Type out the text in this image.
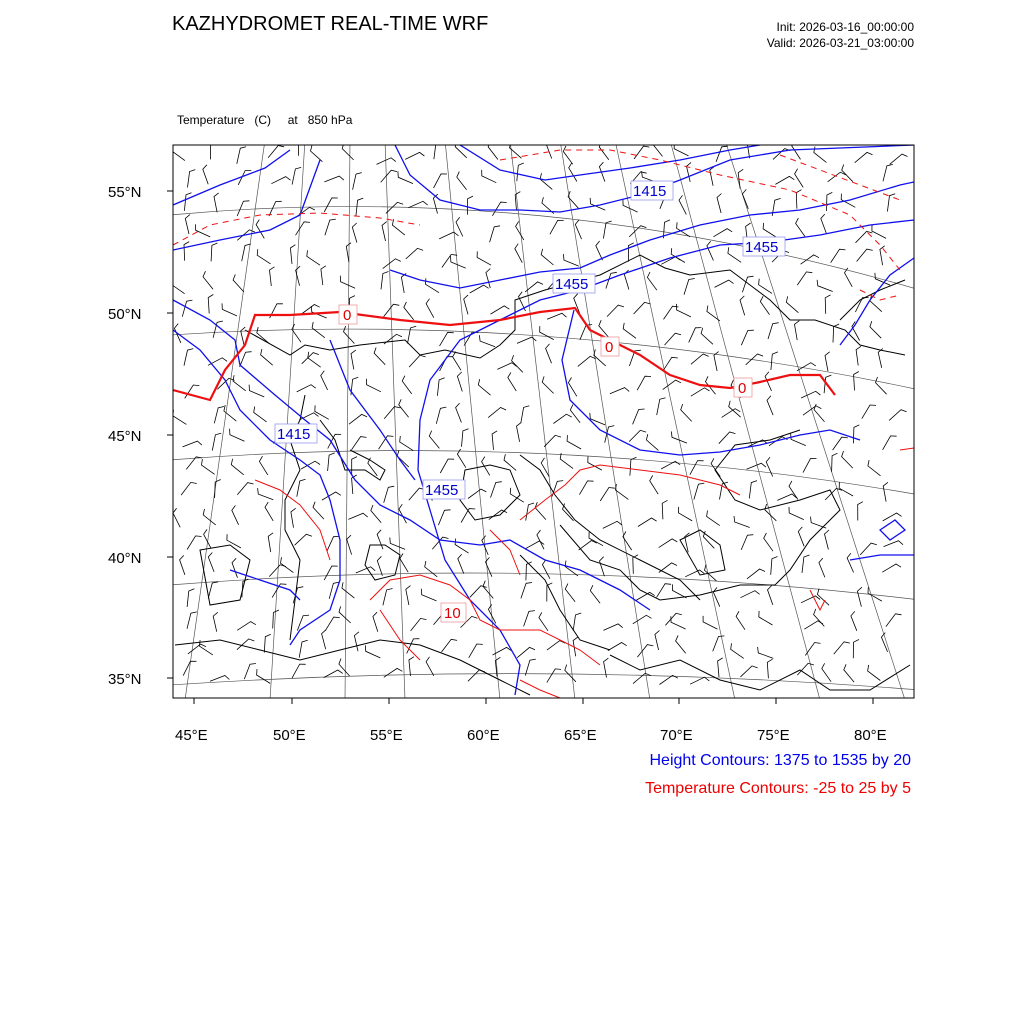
KAZHYDROMET REAL-TIME WRF	Init: 2026-03-16_00:00:00
Valid: 2026-03-21_03:00:00

Temperature   (C)     at   850 hPa

1415
1455
1455
1415
1455
0
0
0
10
55°N
50°N
45°N
40°N
35°N
45°E	50°E	55°E	60°E	65°E	70°E	75°E	80°E
Height Contours: 1375 to 1535 by 20
Temperature Contours: -25 to 25 by 5
